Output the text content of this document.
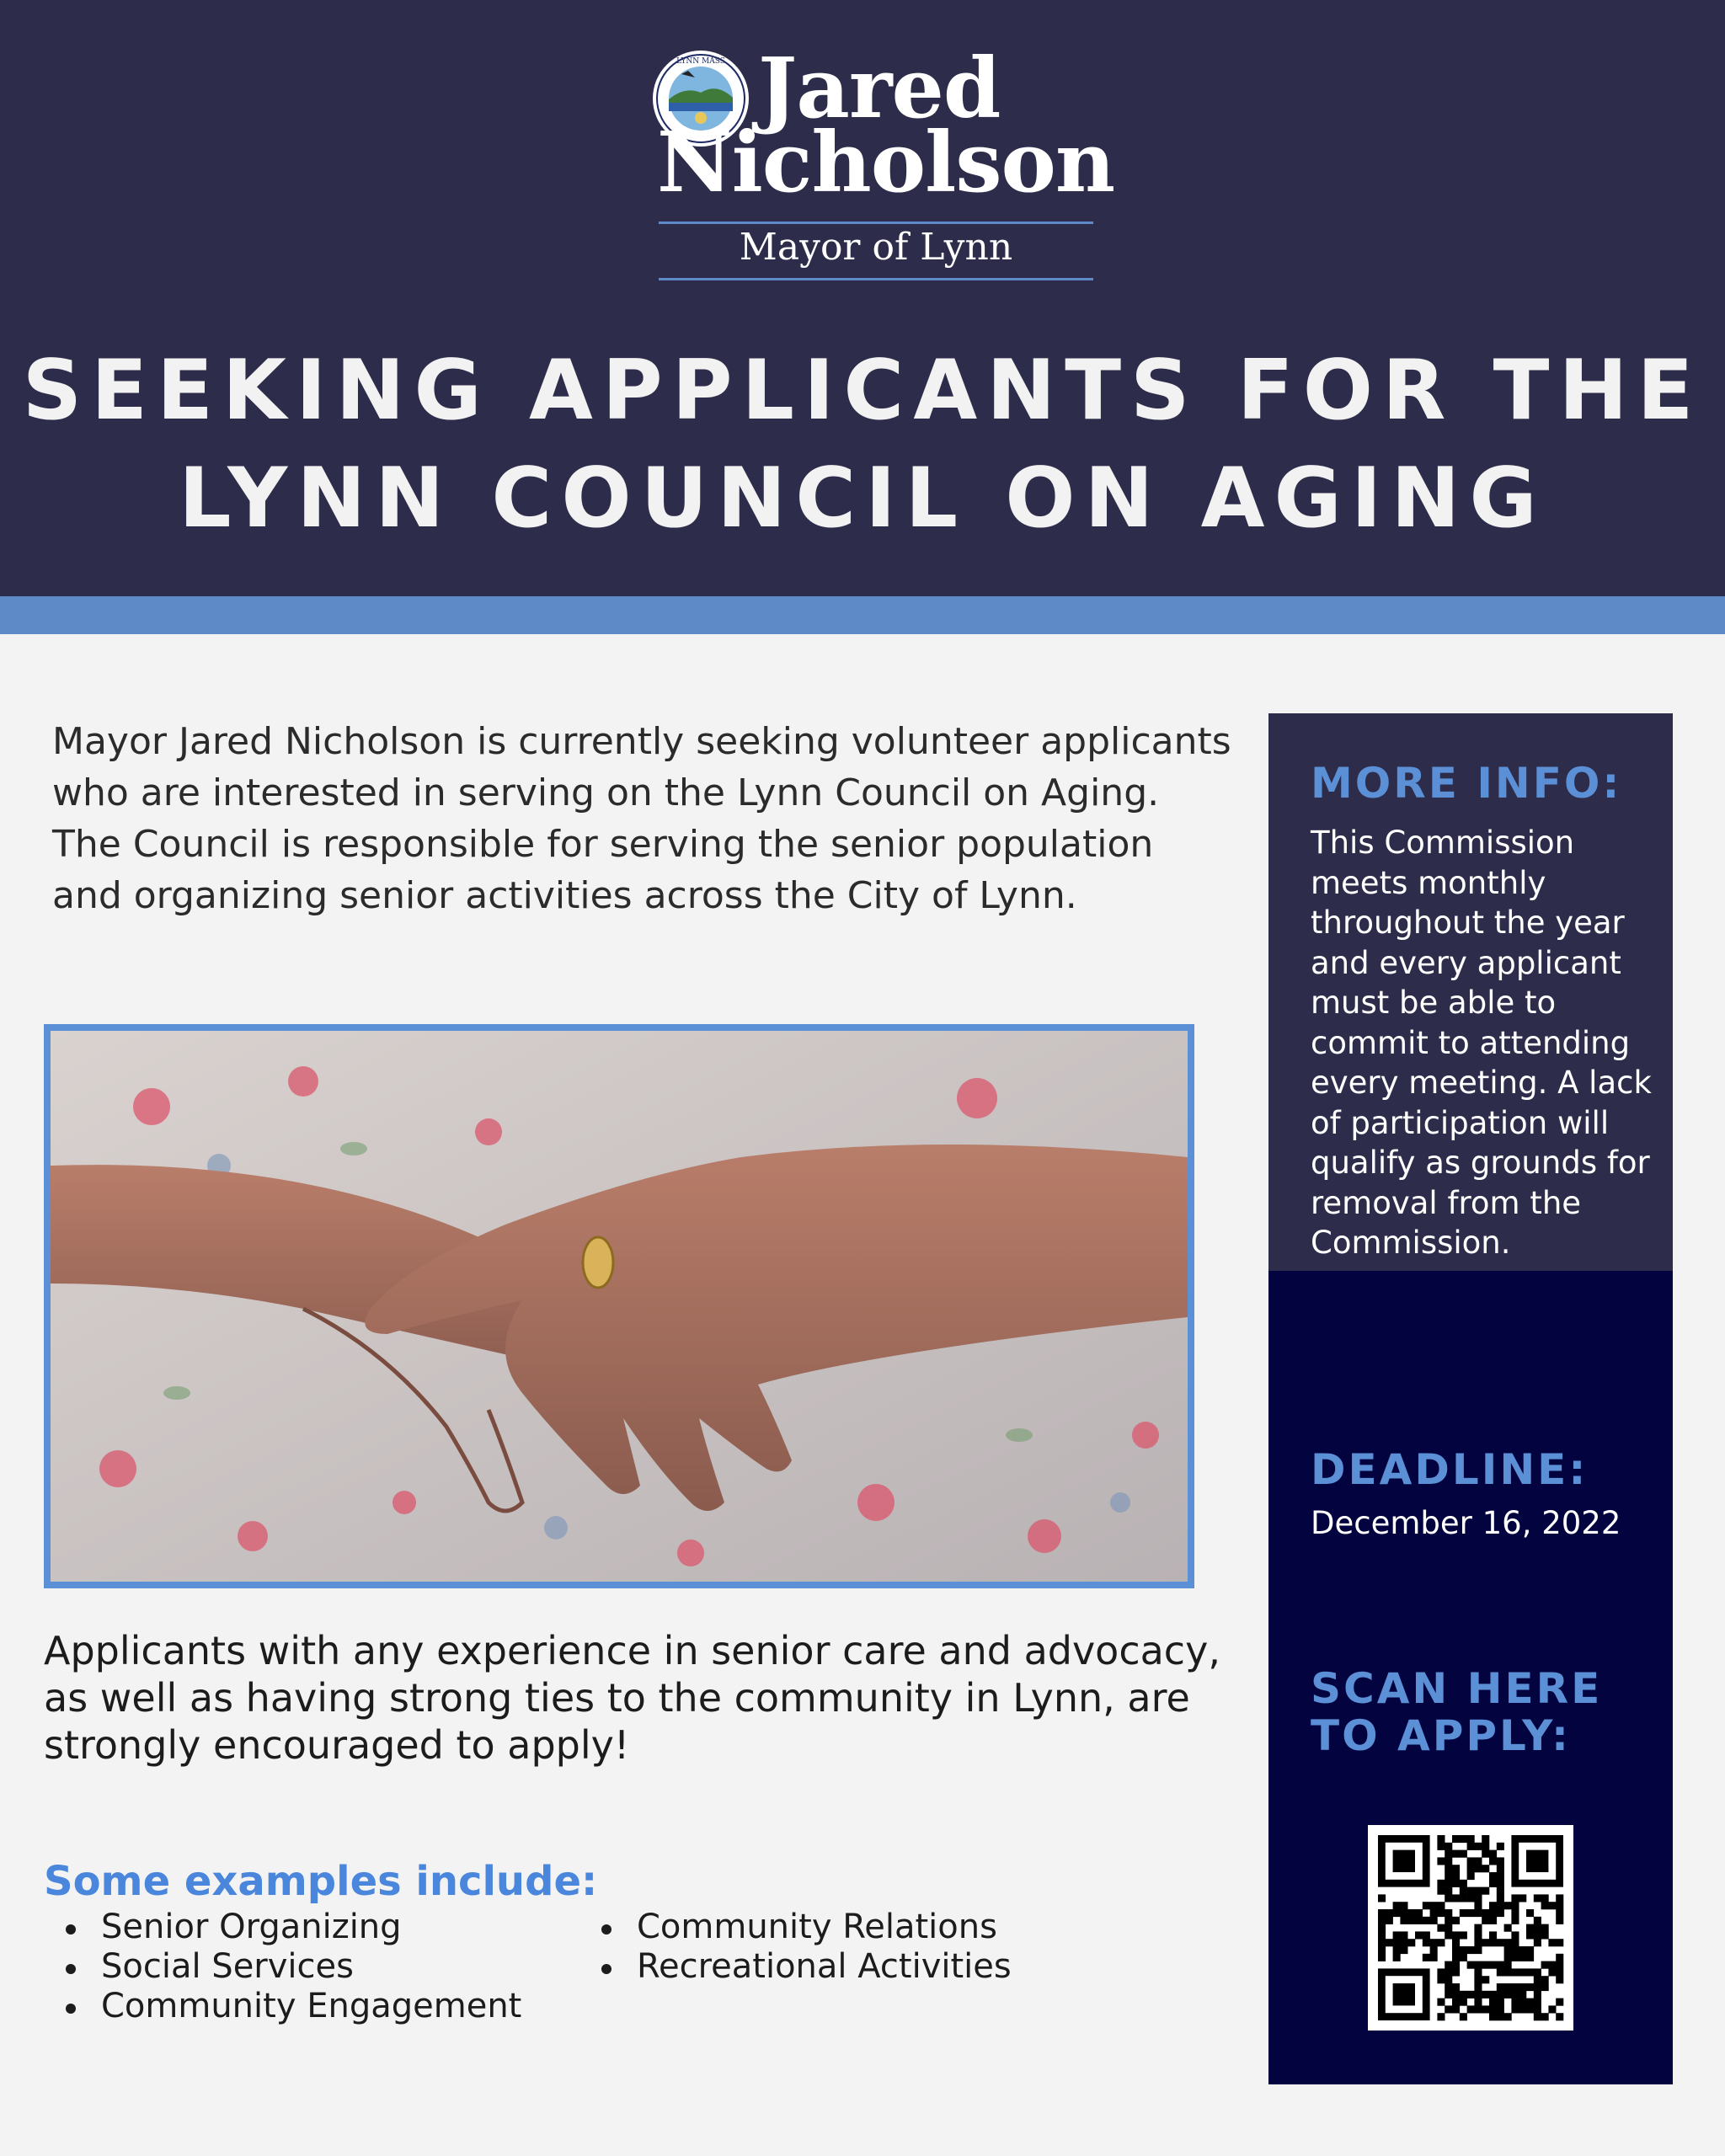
LYNN MASS Jared
Nicholson
Mayor of Lynn
SEEKING APPLICANTS FOR THE
LYNN COUNCIL ON AGING
Mayor Jared Nicholson is currently seeking volunteer applicants who are interested in serving on the Lynn Council on Aging. The Council is responsible for serving the senior population and organizing senior activities across the City of Lynn.
Applicants with any experience in senior care and advocacy, as well as having strong ties to the community in Lynn, are strongly encouraged to apply!
Some examples include:
Senior Organizing
Social Services
Community Engagement
Community Relations
Recreational Activities
MORE INFO:
This Commission meets monthly throughout the year and every applicant must be able to commit to attending every meeting. A lack of participation will qualify as grounds for removal from the Commission.
DEADLINE:
December 16, 2022
SCAN HERE
TO APPLY:
